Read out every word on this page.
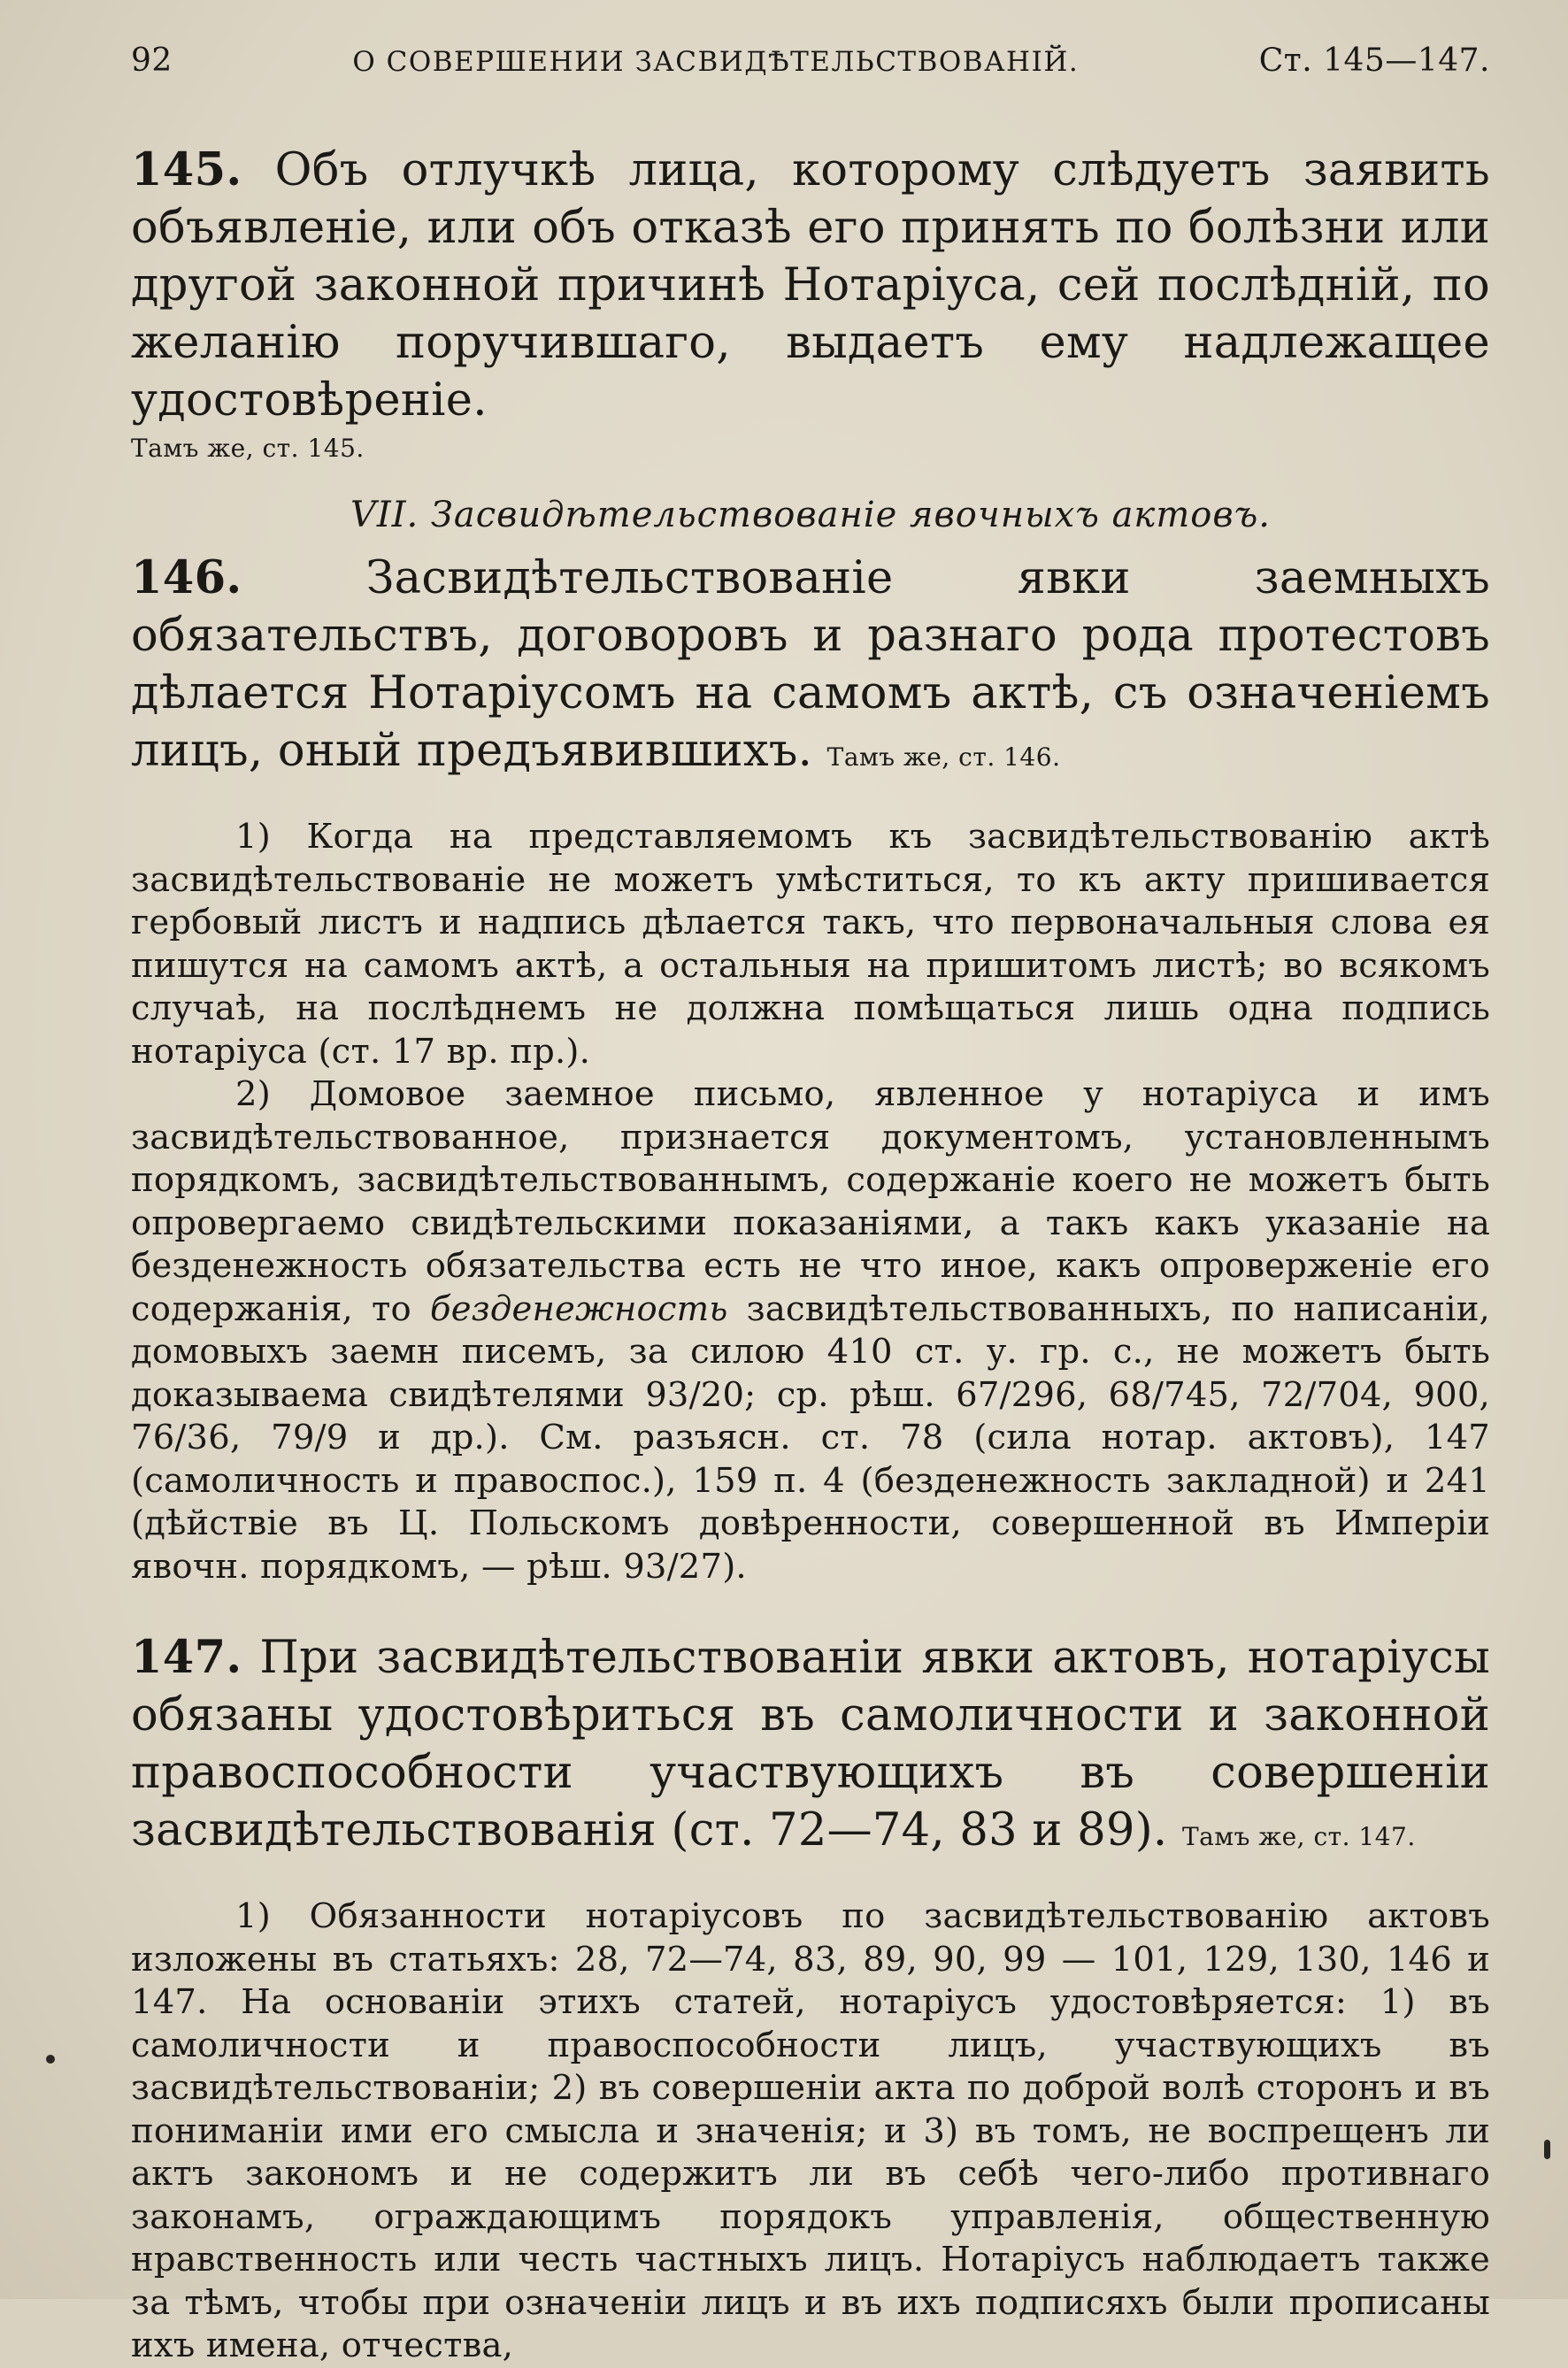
92	О СОВЕРШЕНИИ ЗАСВИДѢТЕЛЬСТВОВАНІЙ.	Ст. 145—147.

145. Объ отлучкѣ лица, которому слѣдуетъ заявить объявленіе, или объ отказѣ его принять по болѣзни или другой законной причинѣ Нотаріуса, сей послѣдній, по желанію поручившаго, выдаетъ ему надлежащее удостовѣреніе.

Тамъ же, ст. 145.
VII. Засвидѣтельствованіе явочныхъ актовъ.

146.	Засвидѣтельствованіе явки заемныхъ обязательствъ, договоровъ и разнаго рода протестовъ дѣлается Нотаріусомъ на самомъ актѣ, съ означеніемъ лицъ, оный предъявившихъ. Тамъ же, ст. 146.

1) Когда на представляемомъ къ засвидѣтельствованію актѣ засвидѣтельствованіе не можетъ умѣститься, то къ акту пришивается гербовый листъ и надпись дѣлается такъ, что первоначальныя слова ея пишутся на самомъ актѣ, а остальныя на пришитомъ листѣ; во всякомъ случаѣ, на послѣднемъ не должна помѣщаться лишь одна подпись нотаріуса (ст. 17 вр. пр.).

2) Домовое заемное письмо, явленное у нотаріуса и имъ засвидѣтельствованное, признается документомъ, установленнымъ порядкомъ, засвидѣтельствованнымъ, содержаніе коего не можетъ быть опровергаемо свидѣтельскими показаніями, а такъ какъ указаніе на безденежность обязательства есть не что иное, какъ опроверженіе его содержанія, то безденежность засвидѣтельствованныхъ, по написаніи, домовыхъ заемн писемъ, за силою 410 ст. у. гр. с., не можетъ быть доказываема свидѣтелями 93/20; ср. рѣш. 67/296, 68/745, 72/704, 900, 76/36, 79/9 и др.). См. разъясн. ст. 78 (сила нотар. актовъ), 147 (самоличность и правоспос.), 159 п. 4 (безденежность закладной) и 241 (дѣйствіе въ Ц. Польскомъ довѣренности, совершенной въ Имперіи явочн. порядкомъ, — рѣш. 93/27).

147. При засвидѣтельствованіи явки актовъ, нотаріусы обязаны удостовѣриться въ самоличности и законной правоспособности участвующихъ въ совершеніи засвидѣтельствованія (ст. 72—74, 83 и 89). Тамъ же, ст. 147.

1) Обязанности нотаріусовъ по засвидѣтельствованію актовъ изложены въ статьяхъ: 28, 72—74, 83, 89, 90, 99 — 101, 129, 130, 146 и 147. На основаніи этихъ статей, нотаріусъ удостовѣряется: 1) въ самоличности и правоспособности лицъ, участвующихъ въ засвидѣтельствованіи; 2) въ совершеніи акта по доброй волѣ сторонъ и въ пониманіи ими его смысла и значенія; и 3) въ томъ, не воспрещенъ ли актъ закономъ и не содержитъ ли въ себѣ чего-либо противнаго законамъ, ограждающимъ порядокъ управленія, общественную нравственность или честь частныхъ лицъ. Нотаріусъ наблюдаетъ также за тѣмъ, чтобы при означеніи лицъ и въ ихъ подписяхъ были прописаны ихъ имена, отчества,
